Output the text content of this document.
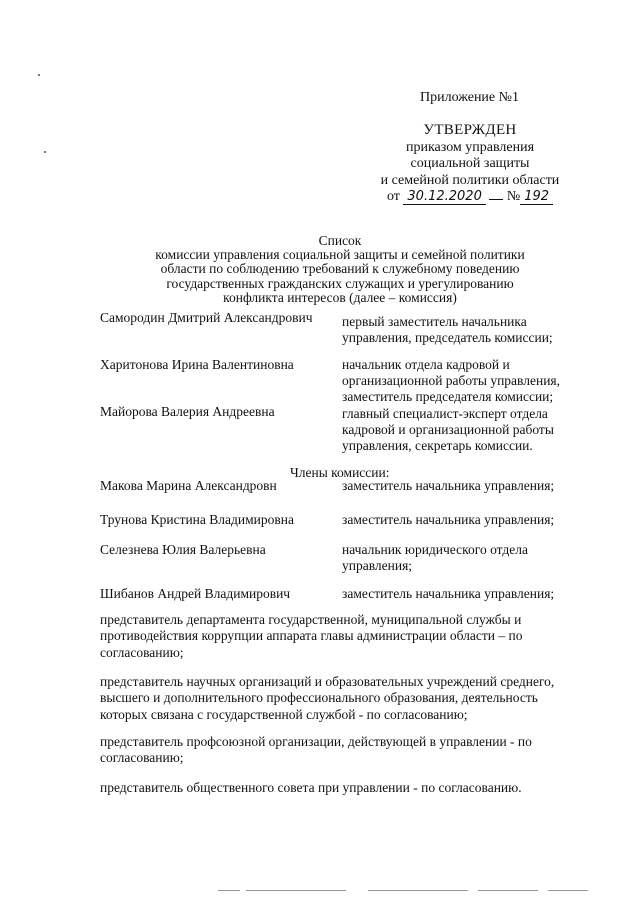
Приложение №1
УТВЕРЖДЕН
приказом управления
социальной защиты
и семейной политики области
от 30.12.2020 № 192
Список
комиссии управления социальной защиты и семейной политики
области по соблюдению требований к служебному поведению
государственных гражданских служащих и урегулированию
конфликта интересов (далее – комиссия)
Самородин Дмитрий Александрович	первый заместитель начальника управления, председатель комиссии;
Харитонова Ирина Валентиновна	начальник отдела кадровой и организационной работы управления, заместитель председателя комиссии;
Майорова Валерия Андреевна	главный специалист-эксперт отдела кадровой и организационной работы управления, секретарь комиссии.
Члены комиссии:
Макова Марина Александровн	заместитель начальника управления;
Трунова Кристина Владимировна	заместитель начальника управления;
Селезнева Юлия Валерьевна	начальник юридического отдела управления;
Шибанов Андрей Владимирович	заместитель начальника управления;
представитель департамента государственной, муниципальной службы и противодействия коррупции аппарата главы администрации области – по согласованию;
представитель научных организаций и образовательных учреждений среднего, высшего и дополнительного профессионального образования, деятельность которых связана с государственной службой - по согласованию;
представитель профсоюзной организации, действующей в управлении - по согласованию;
представитель общественного совета при управлении - по согласованию.
